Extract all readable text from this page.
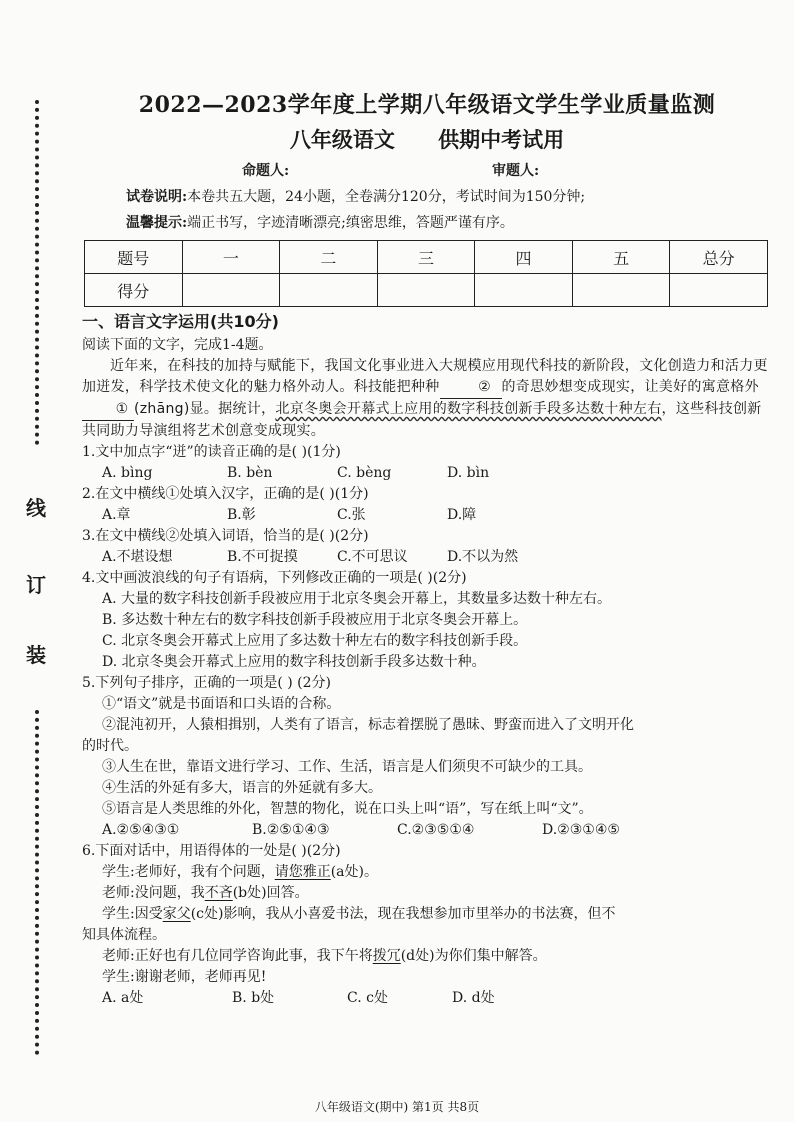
线
订
装
2022—2023学年度上学期八年级语文学生学业质量监测
八年级语文 供期中考试用
命题人:	审题人:
试卷说明:本卷共五大题，24小题，全卷满分120分，考试时间为150分钟;
温馨提示:端正书写，字迹清晰漂亮;缜密思维，答题严谨有序。
题号	一	二	三	四	五	总分
得分						
一、语言文字运用(共10分)
阅读下面的文字，完成1-4题。
近年来，在科技的加持与赋能下，我国文化事业进入大规模应用现代科技的新阶段，文化创造力和活力更加迸发，科学技术使文化的魅力格外动人。科技能把种种	② 的奇思妙想变成现实，让美好的寓意格外① (zhāng)显。据统计，北京冬奥会开幕式上应用的数字科技创新手段多达数十种左右，这些科技创新共同助力导演组将艺术创意变成现实。
1.文中加点字“迸”的读音正确的是( )(1分)
A. bìng	B. bèn	C. bèng	D. bìn
2.在文中横线①处填入汉字，正确的是( )(1分)
A.章	B.彰	C.张	D.障
3.在文中横线②处填入词语，恰当的是( )(2分)
A.不堪设想	B.不可捉摸	C.不可思议	D.不以为然
4.文中画波浪线的句子有语病，下列修改正确的一项是( )(2分)
A. 大量的数字科技创新手段被应用于北京冬奥会开幕上，其数量多达数十种左右。
B. 多达数十种左右的数字科技创新手段被应用于北京冬奥会开幕上。
C. 北京冬奥会开幕式上应用了多达数十种左右的数字科技创新手段。
D. 北京冬奥会开幕式上应用的数字科技创新手段多达数十种。
5.下列句子排序，正确的一项是( ) (2分)
①“语文”就是书面语和口头语的合称。
②混沌初开，人猿相揖别，人类有了语言，标志着摆脱了愚昧、野蛮而进入了文明开化
的时代。
③人生在世，靠语文进行学习、工作、生活，语言是人们须臾不可缺少的工具。
④生活的外延有多大，语言的外延就有多大。
⑤语言是人类思维的外化，智慧的物化，说在口头上叫“语”，写在纸上叫“文”。
A.②⑤④③①	B.②⑤①④③	C.②③⑤①④	D.②③①④⑤
6.下面对话中，用语得体的一处是( )(2分)
学生:老师好，我有个问题，请您雅正(a处)。
老师:没问题，我不吝(b处)回答。
学生:因受家父(c处)影响，我从小喜爱书法，现在我想参加市里举办的书法赛，但不
知具体流程。
老师:正好也有几位同学咨询此事，我下午将拨冗(d处)为你们集中解答。
学生:谢谢老师，老师再见!
A. a处	B. b处	C. c处	D. d处
八年级语文(期中) 第1页 共8页
